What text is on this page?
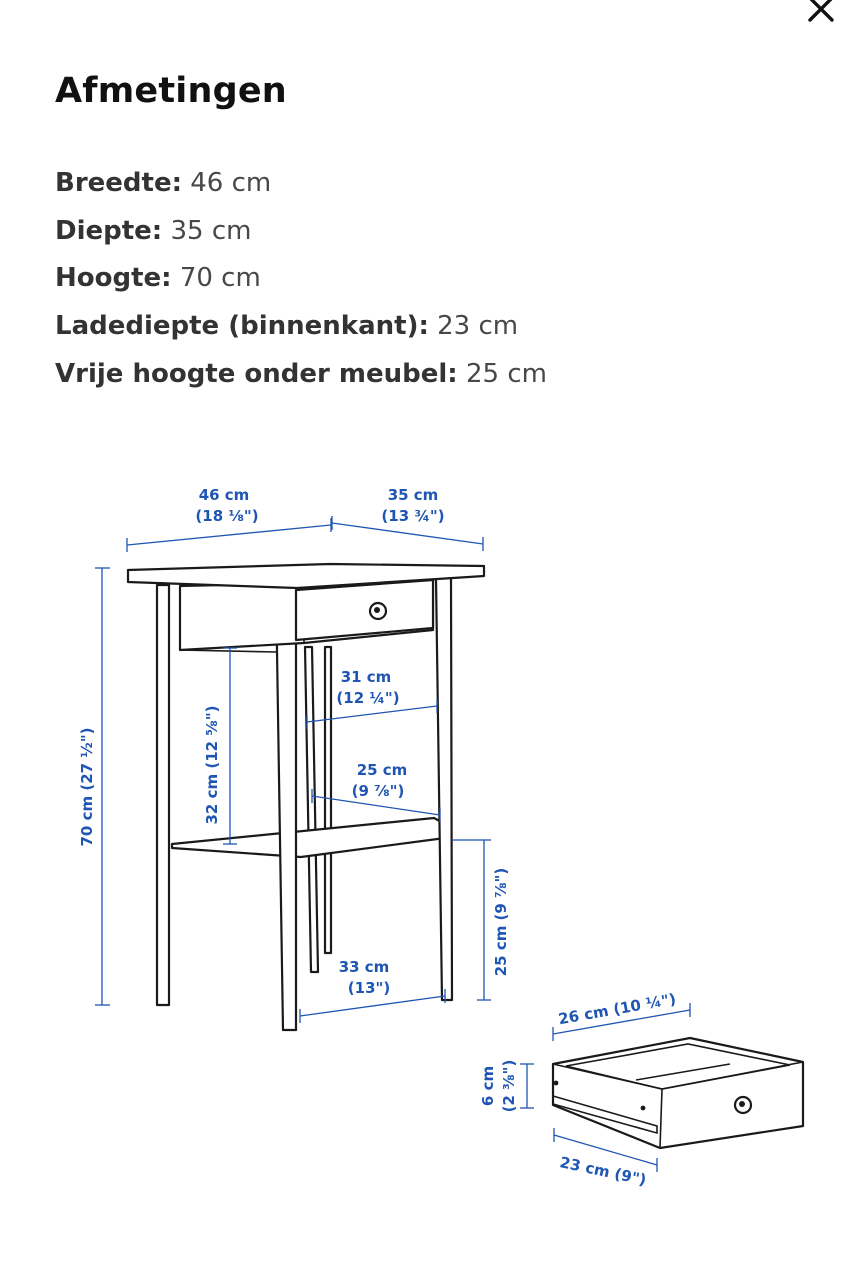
Afmetingen
Breedte: 46 cm
Diepte: 35 cm
Hoogte: 70 cm
Ladediepte (binnenkant): 23 cm
Vrije hoogte onder meubel: 25 cm
46 cm
(18 ⅛")
35 cm
(13 ¾")
70 cm (27 ½")
31 cm
(12 ¼")
25 cm
(9 ⅞")
32 cm (12 ⅝")
25 cm (9 ⅞")
33 cm
(13")
26 cm (10 ¼")
6 cm (2 ⅜")
23 cm (9")
